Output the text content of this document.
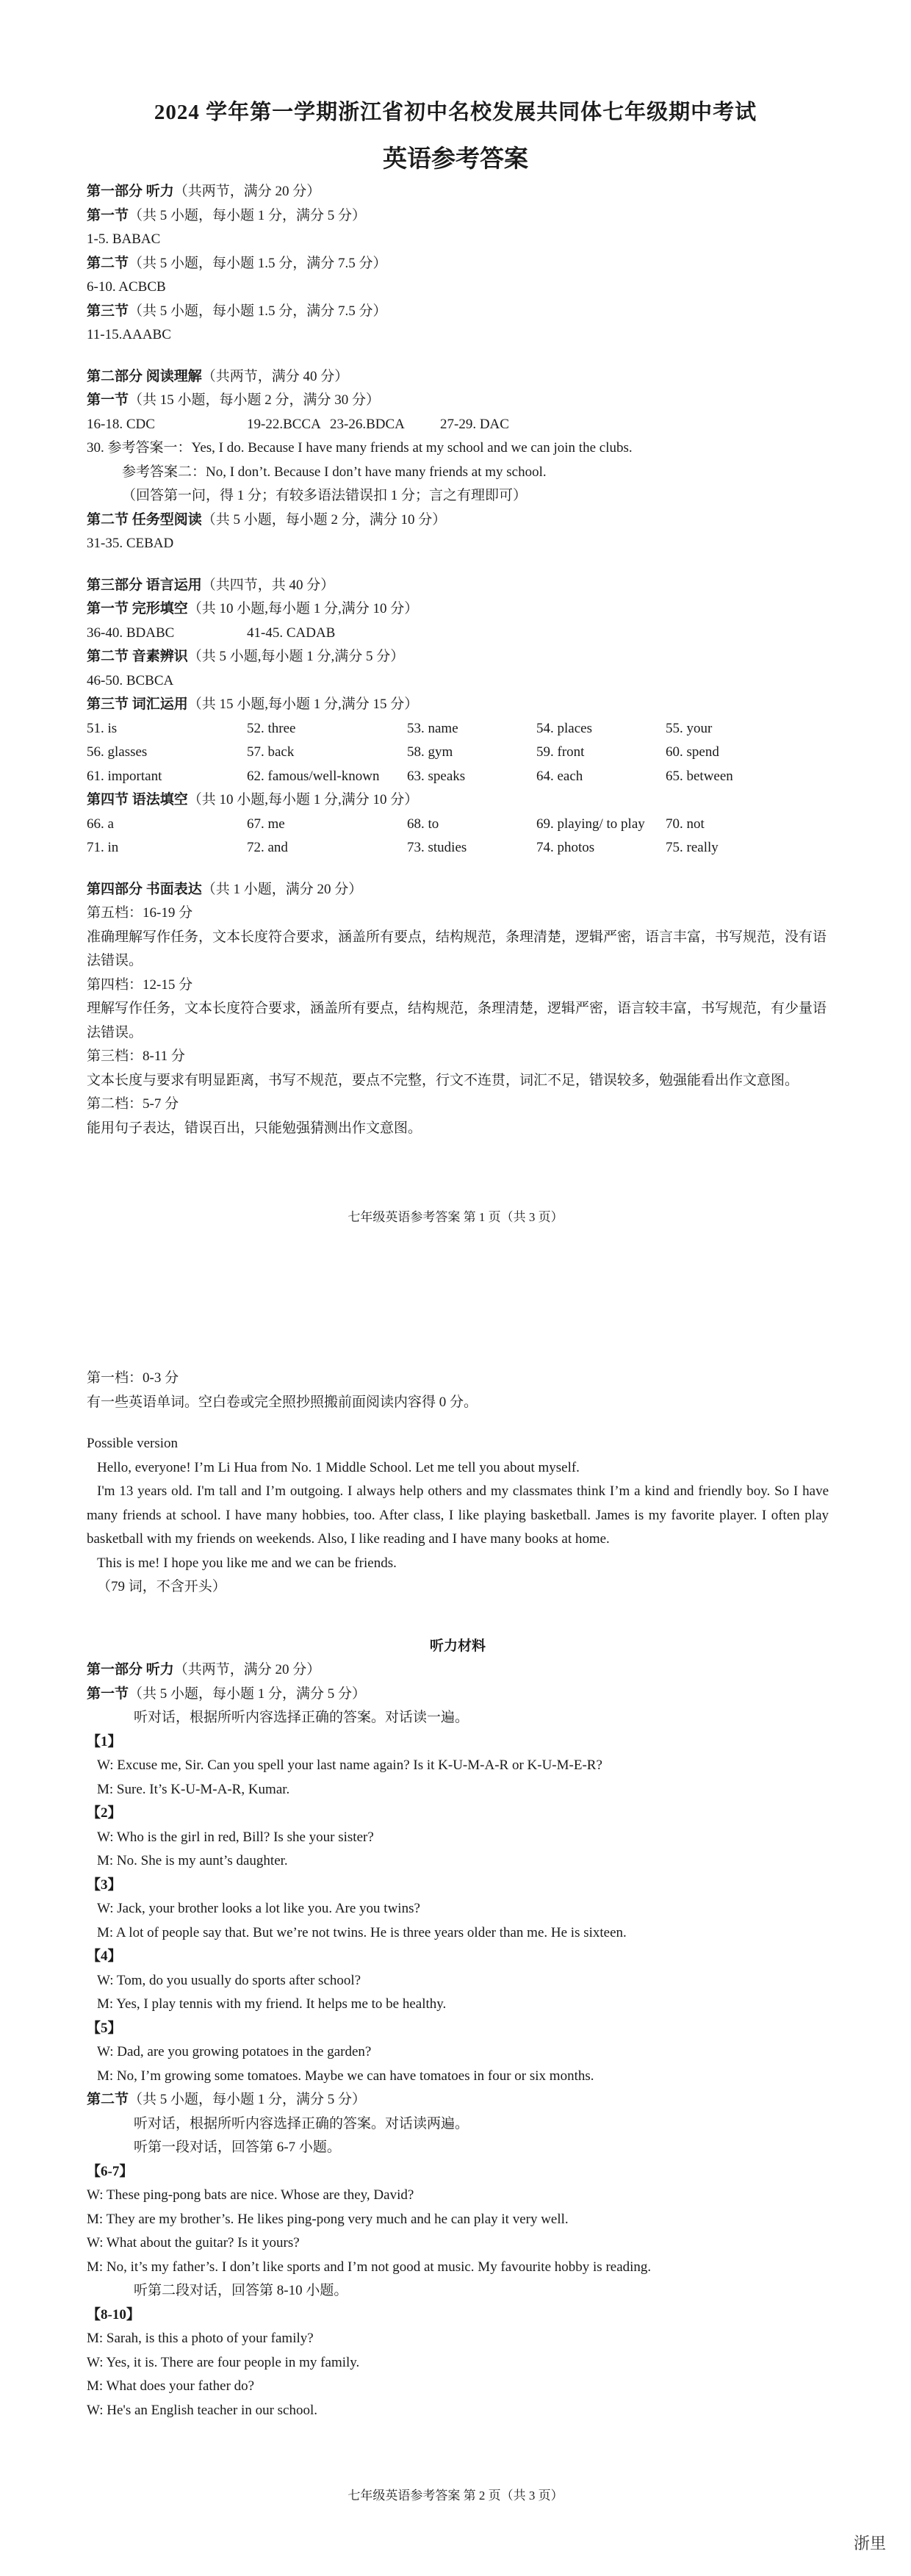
2024 学年第一学期浙江省初中名校发展共同体七年级期中考试
英语参考答案
第一部分 听力（共两节，满分 20 分）
第一节（共 5 小题，每小题 1 分，满分 5 分）
1-5. BABAC
第二节（共 5 小题，每小题 1.5 分，满分 7.5 分）
6-10. ACBCB
第三节（共 5 小题，每小题 1.5 分，满分 7.5 分）
11-15.AAABC
第二部分 阅读理解（共两节，满分 40 分）
第一节（共 15 小题，每小题 2 分，满分 30 分）
16-18. CDC	19-22.BCCA 23-26.BDCA	27-29. DAC
30. 参考答案一：Yes, I do. Because I have many friends at my school and we can join the clubs.
参考答案二：No, I don’t. Because I don’t have many friends at my school.
（回答第一问，得 1 分；有较多语法错误扣 1 分；言之有理即可）
第二节 任务型阅读（共 5 小题，每小题 2 分，满分 10 分）
31-35. CEBAD
第三部分 语言运用（共四节，共 40 分）
第一节 完形填空（共 10 小题,每小题 1 分,满分 10 分）
36-40. BDABC	41-45. CADAB
第二节 音素辨识（共 5 小题,每小题 1 分,满分 5 分）
46-50. BCBCA
第三节 词汇运用（共 15 小题,每小题 1 分,满分 15 分）
51. is	52. three	53. name	54. places	55. your
56. glasses	57. back	58. gym	59. front	60. spend
61. important	62. famous/well-known	63. speaks	64. each	65. between
第四节 语法填空（共 10 小题,每小题 1 分,满分 10 分）
66. a	67. me	68. to	69. playing/ to play	70. not
71. in	72. and	73. studies	74. photos	75. really
第四部分 书面表达（共 1 小题，满分 20 分）
第五档：16-19 分
准确理解写作任务，文本长度符合要求，涵盖所有要点，结构规范，条理清楚，逻辑严密，语言丰富，书写规范，没有语法错误。
第四档：12-15 分
理解写作任务，文本长度符合要求，涵盖所有要点，结构规范，条理清楚，逻辑严密，语言较丰富，书写规范，有少量语法错误。
第三档：8-11 分
文本长度与要求有明显距离，书写不规范，要点不完整，行文不连贯，词汇不足，错误较多，勉强能看出作文意图。
第二档：5-7 分
能用句子表达，错误百出，只能勉强猜测出作文意图。
七年级英语参考答案 第 1 页（共 3 页）
第一档：0-3 分
有一些英语单词。空白卷或完全照抄照搬前面阅读内容得 0 分。
Possible version
Hello, everyone! I’m Li Hua from No. 1 Middle School. Let me tell you about myself.
I'm 13 years old. I'm tall and I’m outgoing. I always help others and my classmates think I’m a kind and friendly boy. So I have many friends at school. I have many hobbies, too. After class, I like playing basketball. James is my favorite player. I often play basketball with my friends on weekends. Also, I like reading and I have many books at home.
This is me! I hope you like me and we can be friends.
（79 词，不含开头）
听力材料
第一部分 听力（共两节，满分 20 分）
第一节（共 5 小题，每小题 1 分，满分 5 分）
听对话，根据所听内容选择正确的答案。对话读一遍。
【1】
W: Excuse me, Sir. Can you spell your last name again? Is it K-U-M-A-R or K-U-M-E-R?
M: Sure. It’s K-U-M-A-R, Kumar.
【2】
W: Who is the girl in red, Bill? Is she your sister?
M: No. She is my aunt’s daughter.
【3】
W: Jack, your brother looks a lot like you. Are you twins?
M: A lot of people say that. But we’re not twins. He is three years older than me. He is sixteen.
【4】
W: Tom, do you usually do sports after school?
M: Yes, I play tennis with my friend. It helps me to be healthy.
【5】
W: Dad, are you growing potatoes in the garden?
M: No, I’m growing some tomatoes. Maybe we can have tomatoes in four or six months.
第二节（共 5 小题，每小题 1 分，满分 5 分）
听对话，根据所听内容选择正确的答案。对话读两遍。
听第一段对话，回答第 6-7 小题。
【6-7】
W: These ping-pong bats are nice. Whose are they, David?
M: They are my brother’s. He likes ping-pong very much and he can play it very well.
W: What about the guitar? Is it yours?
M: No, it’s my father’s. I don’t like sports and I’m not good at music. My favourite hobby is reading.
听第二段对话，回答第 8-10 小题。
【8-10】
M: Sarah, is this a photo of your family?
W: Yes, it is. There are four people in my family.
M: What does your father do?
W: He's an English teacher in our school.
七年级英语参考答案 第 2 页（共 3 页）
浙里
